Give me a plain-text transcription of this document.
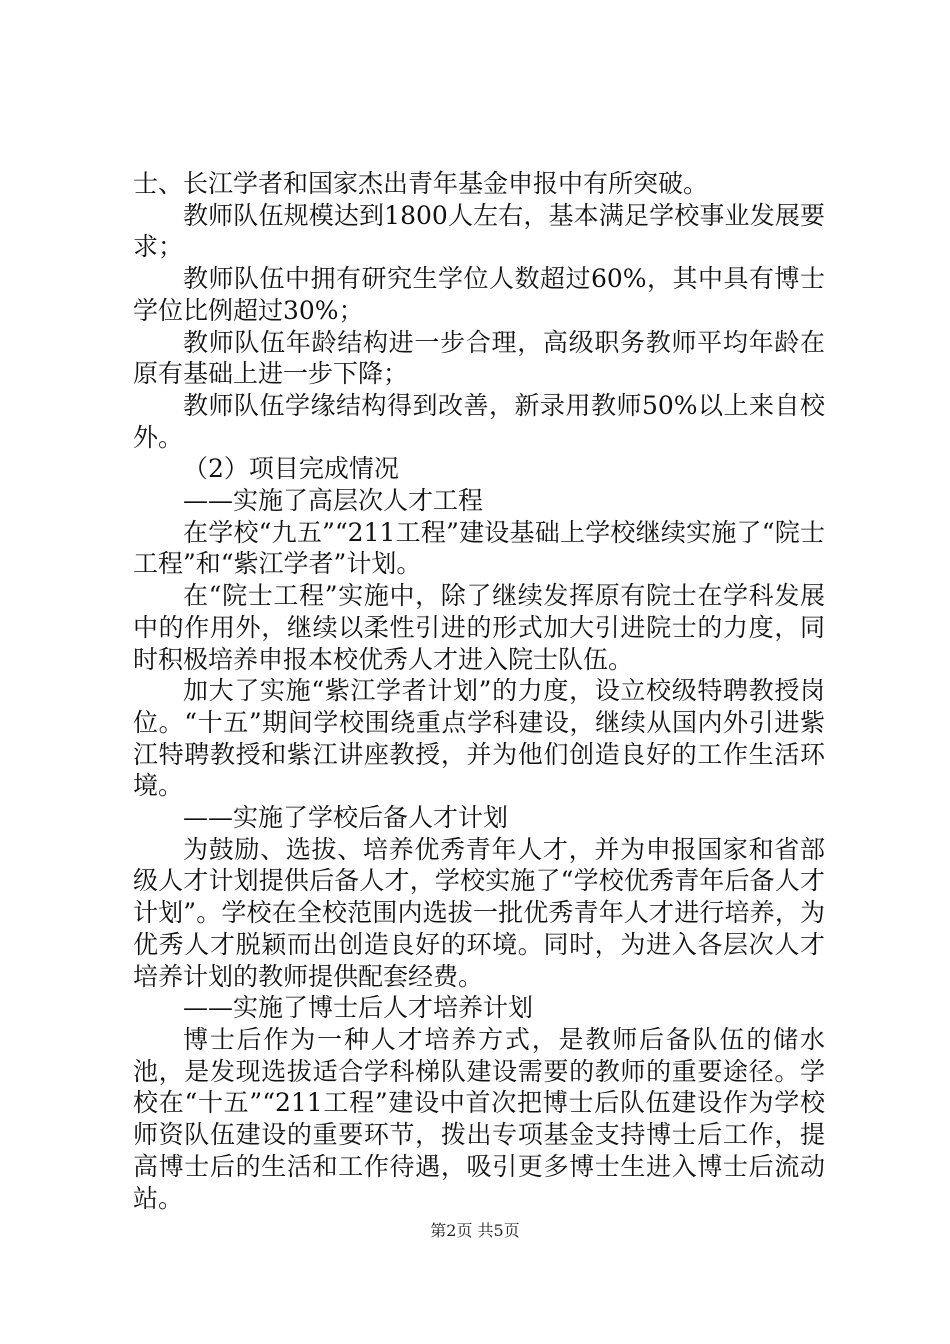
士、长江学者和国家杰出青年基金申报中有所突破。

教师队伍规模达到1800人左右，基本满足学校事业发展要求；

教师队伍中拥有研究生学位人数超过60%，其中具有博士学位比例超过30%；

教师队伍年龄结构进一步合理，高级职务教师平均年龄在原有基础上进一步下降；

教师队伍学缘结构得到改善，新录用教师50%以上来自校外。

（2）项目完成情况

——实施了高层次人才工程

在学校“九五”“211工程”建设基础上学校继续实施了“院士工程”和“紫江学者”计划。

在“院士工程”实施中，除了继续发挥原有院士在学科发展中的作用外，继续以柔性引进的形式加大引进院士的力度，同时积极培养申报本校优秀人才进入院士队伍。

加大了实施“紫江学者计划”的力度，设立校级特聘教授岗位。“十五”期间学校围绕重点学科建设，继续从国内外引进紫江特聘教授和紫江讲座教授，并为他们创造良好的工作生活环境。

——实施了学校后备人才计划

为鼓励、选拔、培养优秀青年人才，并为申报国家和省部级人才计划提供后备人才，学校实施了“学校优秀青年后备人才计划”。学校在全校范围内选拔一批优秀青年人才进行培养，为优秀人才脱颖而出创造良好的环境。同时，为进入各层次人才培养计划的教师提供配套经费。

——实施了博士后人才培养计划

博士后作为一种人才培养方式，是教师后备队伍的储水池，是发现选拔适合学科梯队建设需要的教师的重要途径。学校在“十五”“211工程”建设中首次把博士后队伍建设作为学校师资队伍建设的重要环节，拨出专项基金支持博士后工作，提高博士后的生活和工作待遇，吸引更多博士生进入博士后流动站。

第2页 共5页
